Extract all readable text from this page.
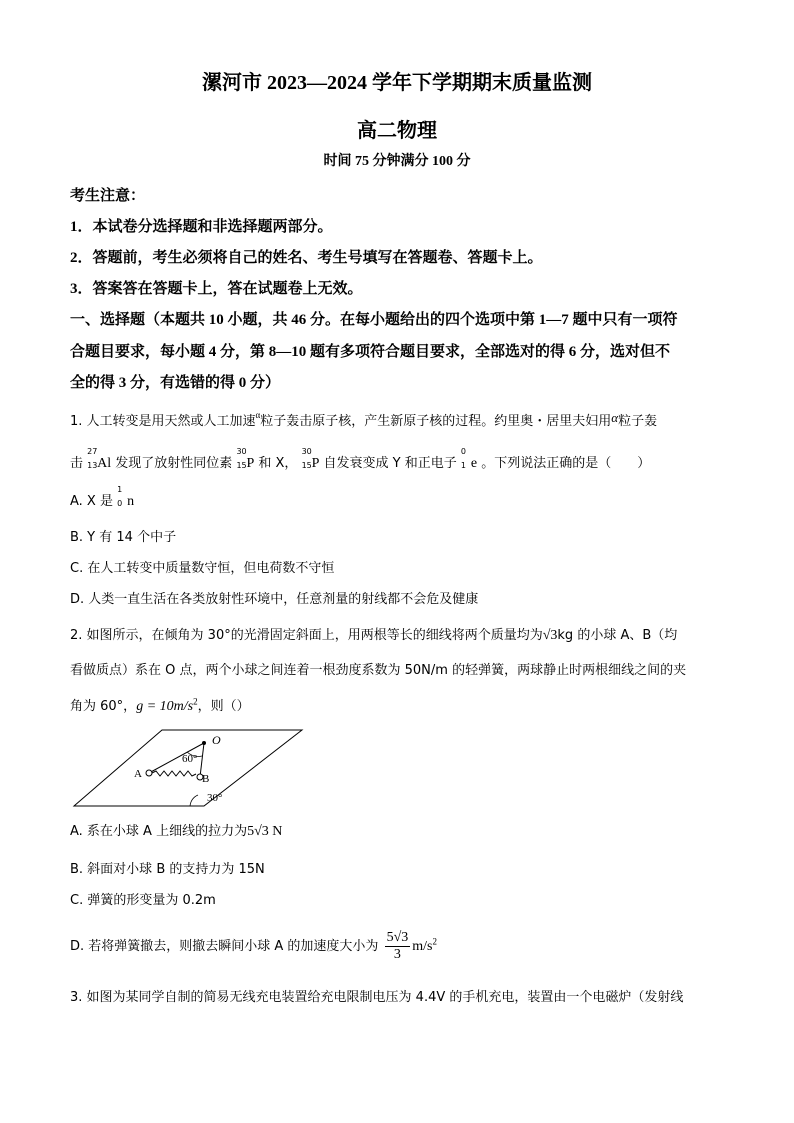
漯河市 2023—2024 学年下学期期末质量监测
高二物理
时间 75 分钟满分 100 分
考生注意：
1．本试卷分选择题和非选择题两部分。
2．答题前，考生必须将自己的姓名、考生号填写在答题卷、答题卡上。
3．答案答在答题卡上，答在试题卷上无效。
一、选择题（本题共 10 小题，共 46 分。在每小题给出的四个选项中第 1—7 题中只有一项符
合题目要求，每小题 4 分，第 8—10 题有多项符合题目要求，全部选对的得 6 分，选对但不
全的得 3 分，有选错的得 0 分）
1. 人工转变是用天然或人工加速$^\alpha$粒子轰击原子核，产生新原子核的过程。约里奥・居里夫妇用α粒子轰
击
27
13 Al 发现了放射性同位素
30
15 P 和 X，
30
15 P 自发衰变成 Y 和正电子
0
1 e 。下列说法正确的是（　　）
A. X 是
1
0 n
B. Y 有 14 个中子
C. 在人工转变中质量数守恒，但电荷数不守恒
D. 人类一直生活在各类放射性环境中，任意剂量的射线都不会危及健康
2. 如图所示，在倾角为 30°的光滑固定斜面上，用两根等长的细线将两个质量均为√3kg 的小球 A、B（均
看做质点）系在 O 点，两个小球之间连着一根劲度系数为 50N/m 的轻弹簧，两球静止时两根细线之间的夹
角为 60°，$g = 10m/s^2$，则（）
O
60°
A	B
30°
A. 系在小球 A 上细线的拉力为5√3 N
B. 斜面对小球 B 的支持力为 15N
C. 弹簧的形变量为 0.2m
D. 若将弹簧撤去，则撤去瞬间小球 A 的加速度大小为 $\frac{5√3}{3} m/s^2$
3. 如图为某同学自制的简易无线充电装置给充电限制电压为 4.4V 的手机充电，装置由一个电磁炉（发射线
